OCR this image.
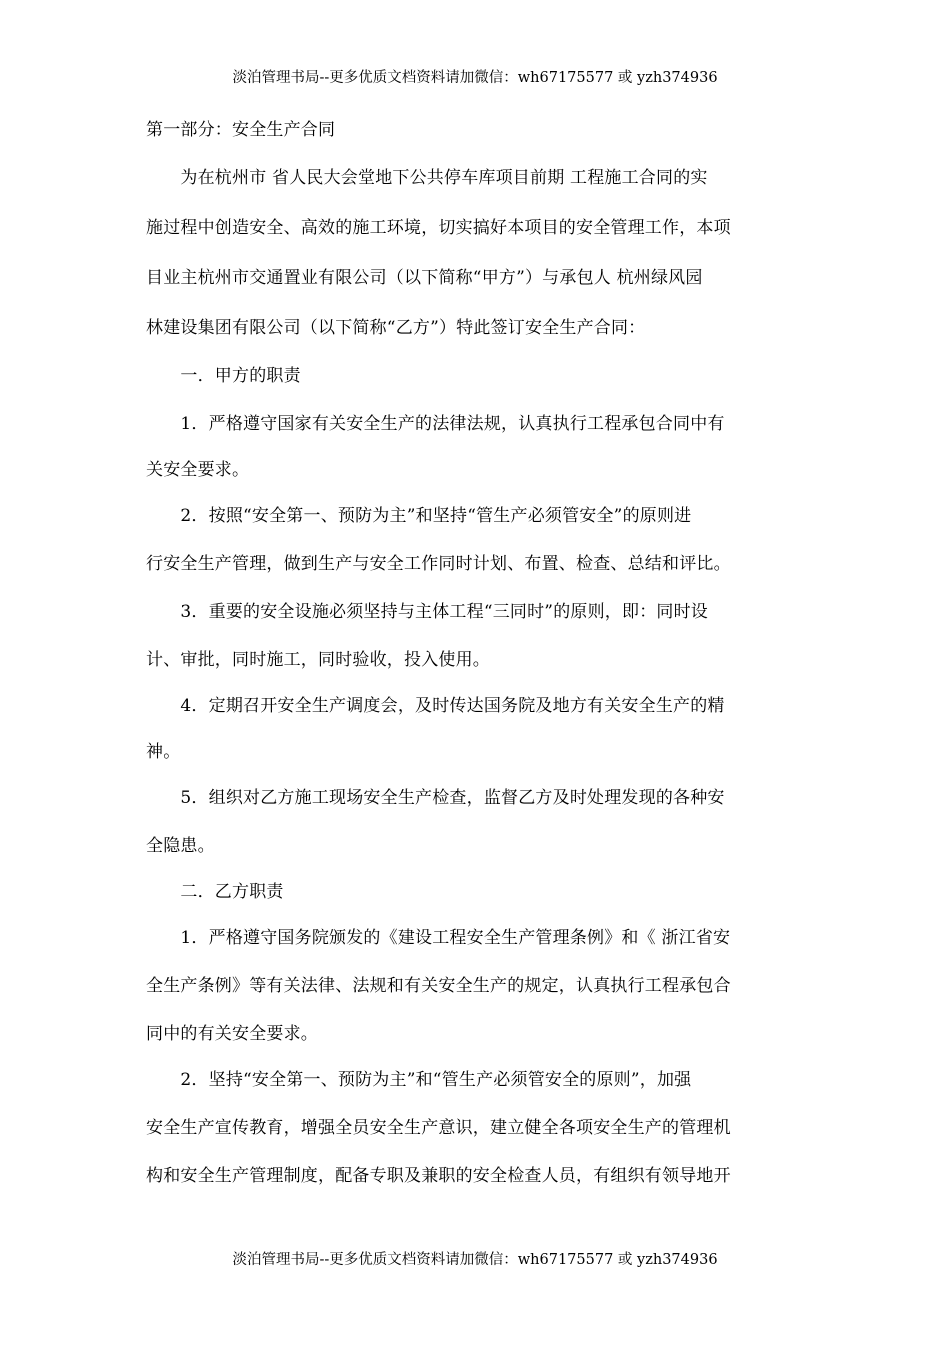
淡泊管理书局--更多优质文档资料请加微信：wh67175577 或 yzh374936
第一部分：安全生产合同
　　为在杭州市 省人民大会堂地下公共停车库项目前期 工程施工合同的实
施过程中创造安全、高效的施工环境，切实搞好本项目的安全管理工作，本项
目业主杭州市交通置业有限公司（以下简称“甲方”）与承包人 杭州绿风园
林建设集团有限公司（以下简称“乙方”）特此签订安全生产合同：
　　一．甲方的职责
　　1．严格遵守国家有关安全生产的法律法规，认真执行工程承包合同中有
关安全要求。
　　2．按照“安全第一、预防为主”和坚持“管生产必须管安全”的原则进
行安全生产管理，做到生产与安全工作同时计划、布置、检查、总结和评比。
　　3．重要的安全设施必须坚持与主体工程“三同时”的原则，即：同时设
计、审批，同时施工，同时验收，投入使用。
　　4．定期召开安全生产调度会，及时传达国务院及地方有关安全生产的精
神。
　　5．组织对乙方施工现场安全生产检查，监督乙方及时处理发现的各种安
全隐患。
　　二．乙方职责
　　1．严格遵守国务院颁发的《建设工程安全生产管理条例》和《 浙江省安
全生产条例》等有关法律、法规和有关安全生产的规定，认真执行工程承包合
同中的有关安全要求。
　　2．坚持“安全第一、预防为主”和“管生产必须管安全的原则”，加强
安全生产宣传教育，增强全员安全生产意识，建立健全各项安全生产的管理机
构和安全生产管理制度，配备专职及兼职的安全检查人员，有组织有领导地开
淡泊管理书局--更多优质文档资料请加微信：wh67175577 或 yzh374936
